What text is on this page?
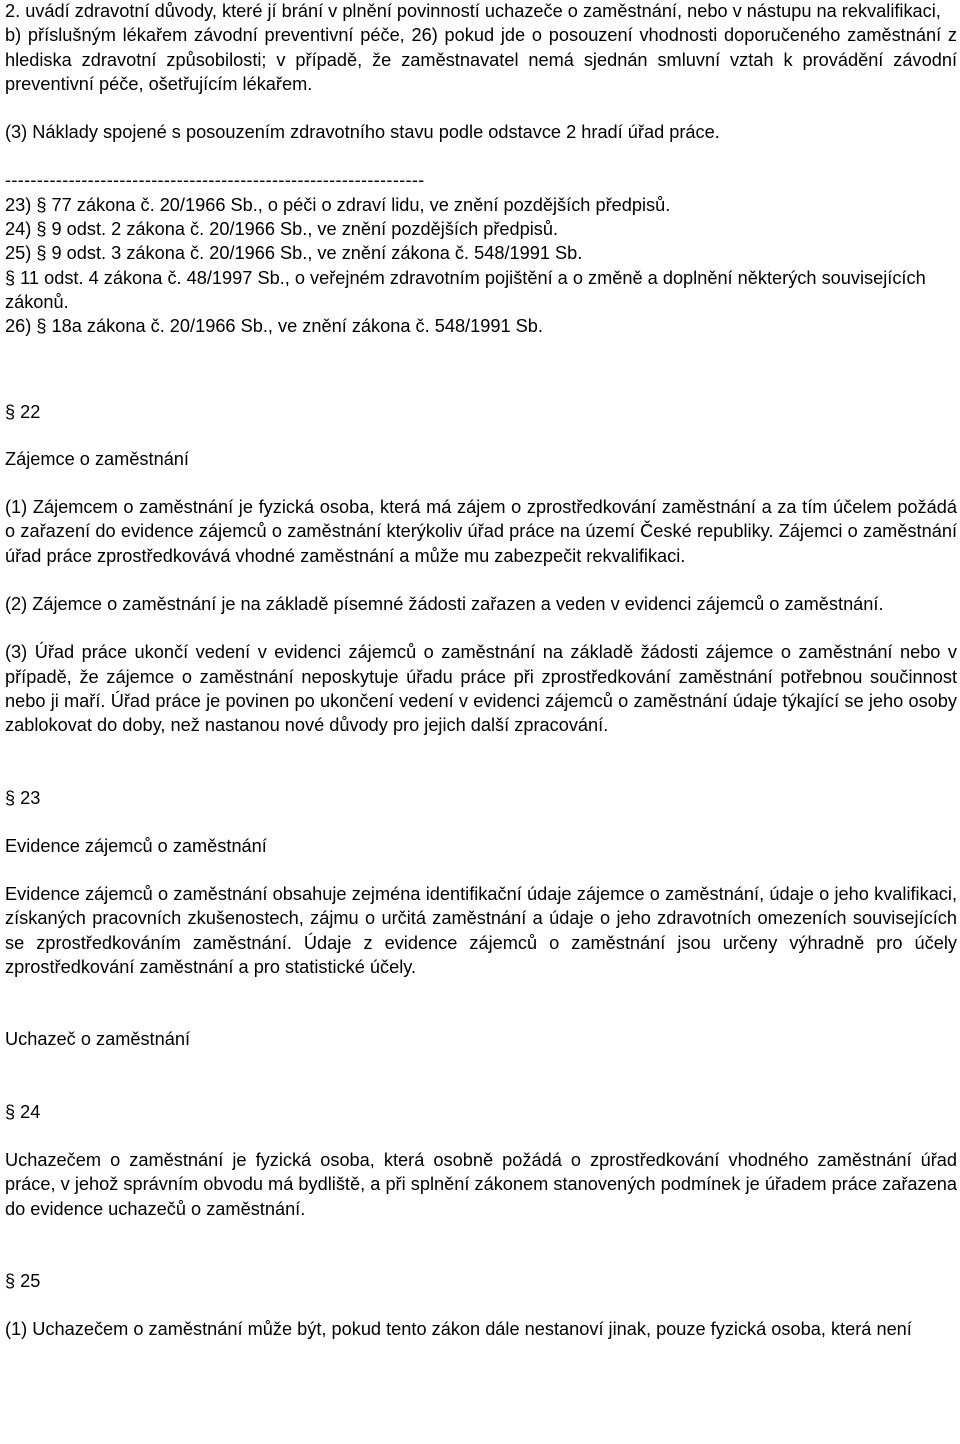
2. uvádí zdravotní důvody, které jí brání v plnění povinností uchazeče o zaměstnání, nebo v nástupu na rekvalifikaci,

b) příslušným lékařem závodní preventivní péče, 26) pokud jde o posouzení vhodnosti doporučeného zaměstnání z hlediska zdravotní způsobilosti; v případě, že zaměstnavatel nemá sjednán smluvní vztah k provádění závodní preventivní péče, ošetřujícím lékařem.

(3) Náklady spojené s posouzením zdravotního stavu podle odstavce 2 hradí úřad práce.

------------------------------------------------------------------

23) § 77 zákona č. 20/1966 Sb., o péči o zdraví lidu, ve znění pozdějších předpisů.

24) § 9 odst. 2 zákona č. 20/1966 Sb., ve znění pozdějších předpisů.

25) § 9 odst. 3 zákona č. 20/1966 Sb., ve znění zákona č. 548/1991 Sb.

§ 11 odst. 4 zákona č. 48/1997 Sb., o veřejném zdravotním pojištění a o změně a doplnění některých souvisejících zákonů.

26) § 18a zákona č. 20/1966 Sb., ve znění zákona č. 548/1991 Sb.

§ 22
Zájemce o zaměstnání

(1) Zájemcem o zaměstnání je fyzická osoba, která má zájem o zprostředkování zaměstnání a za tím účelem požádá o zařazení do evidence zájemců o zaměstnání kterýkoliv úřad práce na území České republiky. Zájemci o zaměstnání úřad práce zprostředkovává vhodné zaměstnání a může mu zabezpečit rekvalifikaci.

(2) Zájemce o zaměstnání je na základě písemné žádosti zařazen a veden v evidenci zájemců o zaměstnání.

(3) Úřad práce ukončí vedení v evidenci zájemců o zaměstnání na základě žádosti zájemce o zaměstnání nebo v případě, že zájemce o zaměstnání neposkytuje úřadu práce při zprostředkování zaměstnání potřebnou součinnost nebo ji maří. Úřad práce je povinen po ukončení vedení v evidenci zájemců o zaměstnání údaje týkající se jeho osoby zablokovat do doby, než nastanou nové důvody pro jejich další zpracování.

§ 23
Evidence zájemců o zaměstnání

Evidence zájemců o zaměstnání obsahuje zejména identifikační údaje zájemce o zaměstnání, údaje o jeho kvalifikaci, získaných pracovních zkušenostech, zájmu o určitá zaměstnání a údaje o jeho zdravotních omezeních souvisejících se zprostředkováním zaměstnání. Údaje z evidence zájemců o zaměstnání jsou určeny výhradně pro účely zprostředkování zaměstnání a pro statistické účely.

Uchazeč o zaměstnání
§ 24

Uchazečem o zaměstnání je fyzická osoba, která osobně požádá o zprostředkování vhodného zaměstnání úřad práce, v jehož správním obvodu má bydliště, a při splnění zákonem stanovených podmínek je úřadem práce zařazena do evidence uchazečů o zaměstnání.

§ 25

(1) Uchazečem o zaměstnání může být, pokud tento zákon dále nestanoví jinak, pouze fyzická osoba, která není
